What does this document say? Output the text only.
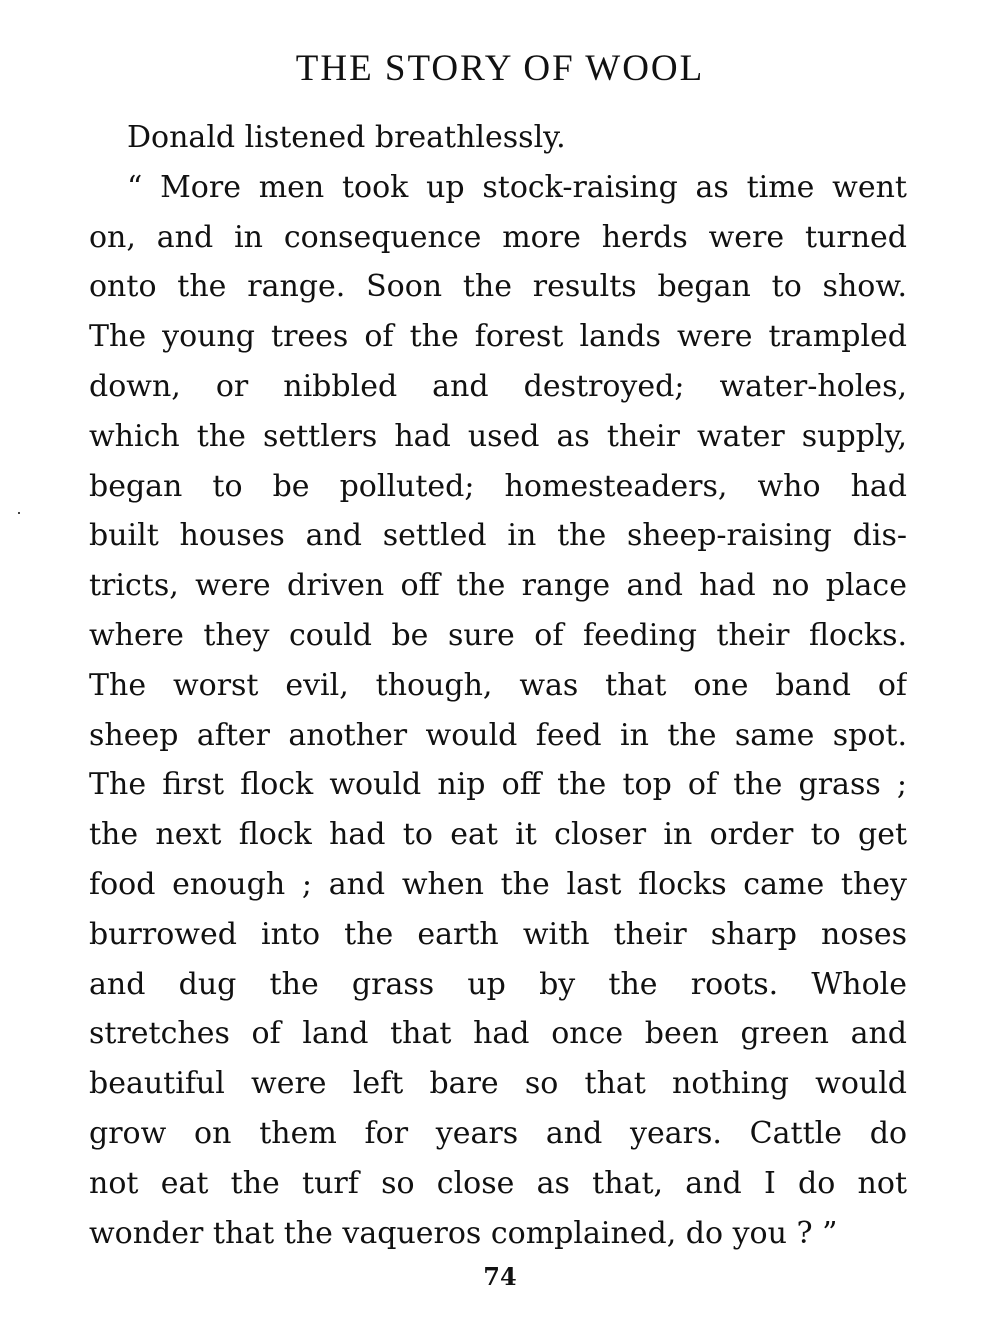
THE STORY OF WOOL
Donald listened breathlessly.
“ More men took up stock-raising as time went
on, and in consequence more herds were turned
onto the range. Soon the results began to show.
The young trees of the forest lands were trampled
down, or nibbled and destroyed; water-holes,
which the settlers had used as their water supply,
began to be polluted; homesteaders, who had
built houses and settled in the sheep-raising dis-
tricts, were driven off the range and had no place
where they could be sure of feeding their flocks.
The worst evil, though, was that one band of
sheep after another would feed in the same spot.
The first flock would nip off the top of the grass ;
the next flock had to eat it closer in order to get
food enough ; and when the last flocks came they
burrowed into the earth with their sharp noses
and dug the grass up by the roots. Whole
stretches of land that had once been green and
beautiful were left bare so that nothing would
grow on them for years and years. Cattle do
not eat the turf so close as that, and I do not
wonder that the vaqueros complained, do you ? ”
74
